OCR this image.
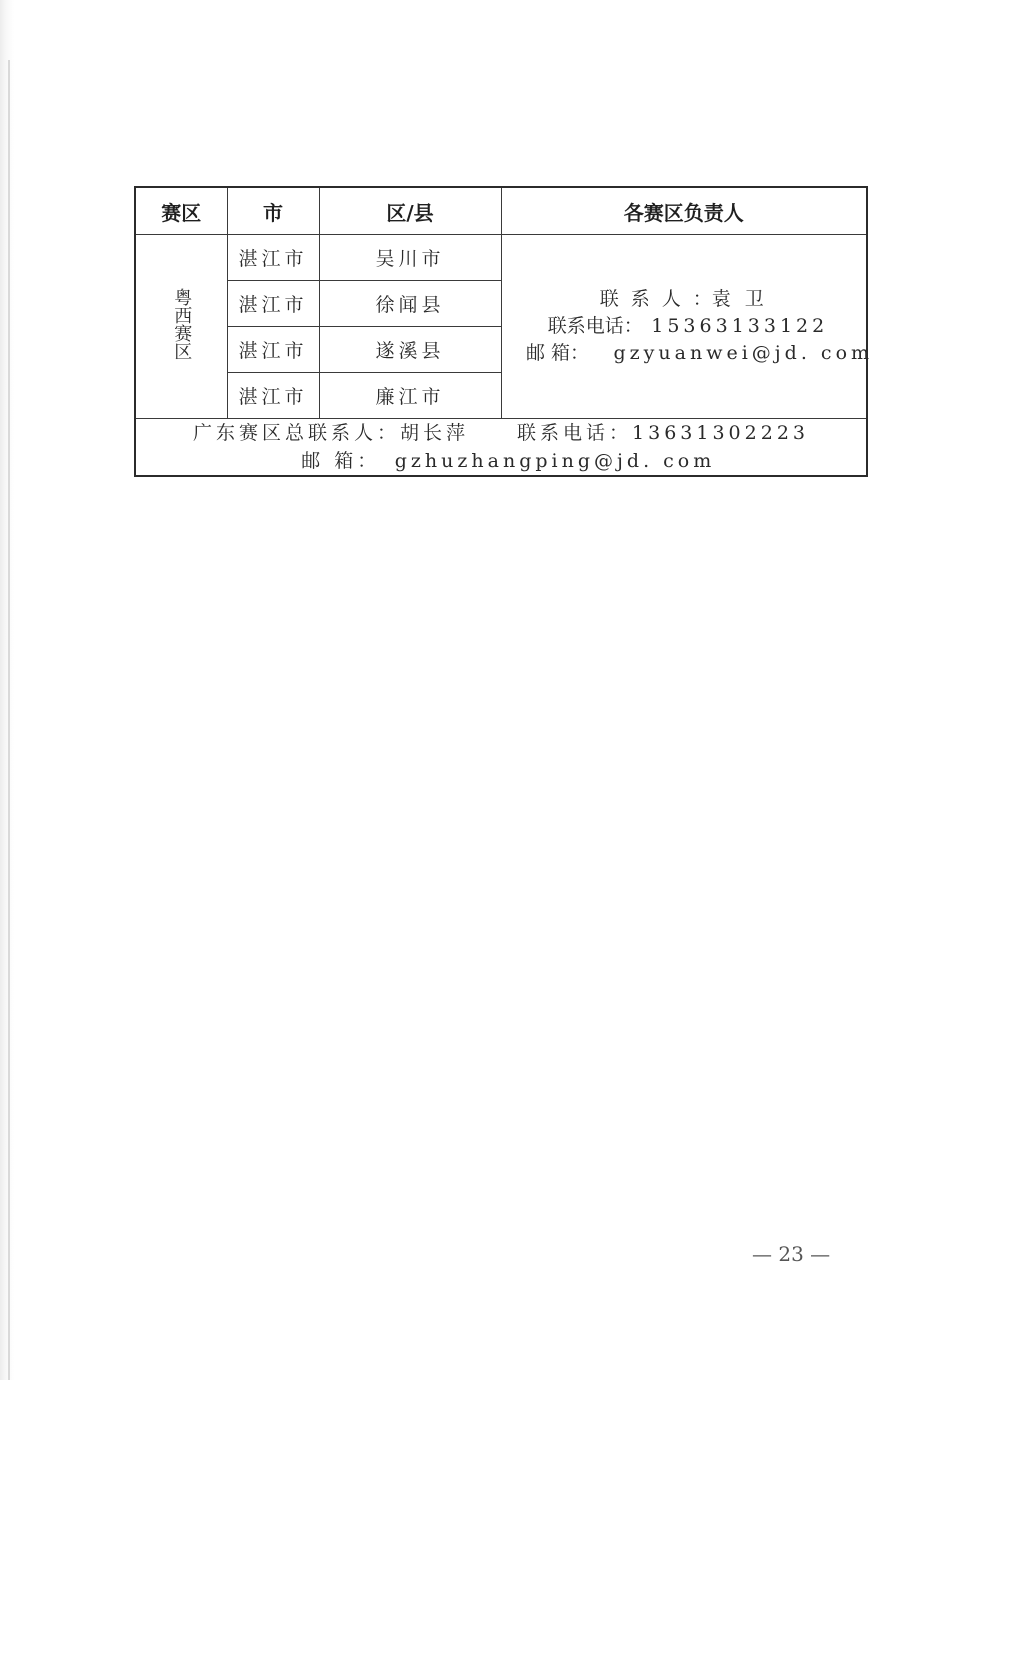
赛区	市	区/县	各赛区负责人
粤西赛区	湛江市	吴川市	联系人：袁 卫
联系电话： 15363133122
邮 箱： gzyuanwei@jd. com

	湛江市	徐闻县	
	湛江市	遂溪县	
	湛江市	廉江市	

广东赛区总联系人：胡长萍 联系电话：13631302223
邮 箱： gzhuzhangping@jd. com			
— 23 —
